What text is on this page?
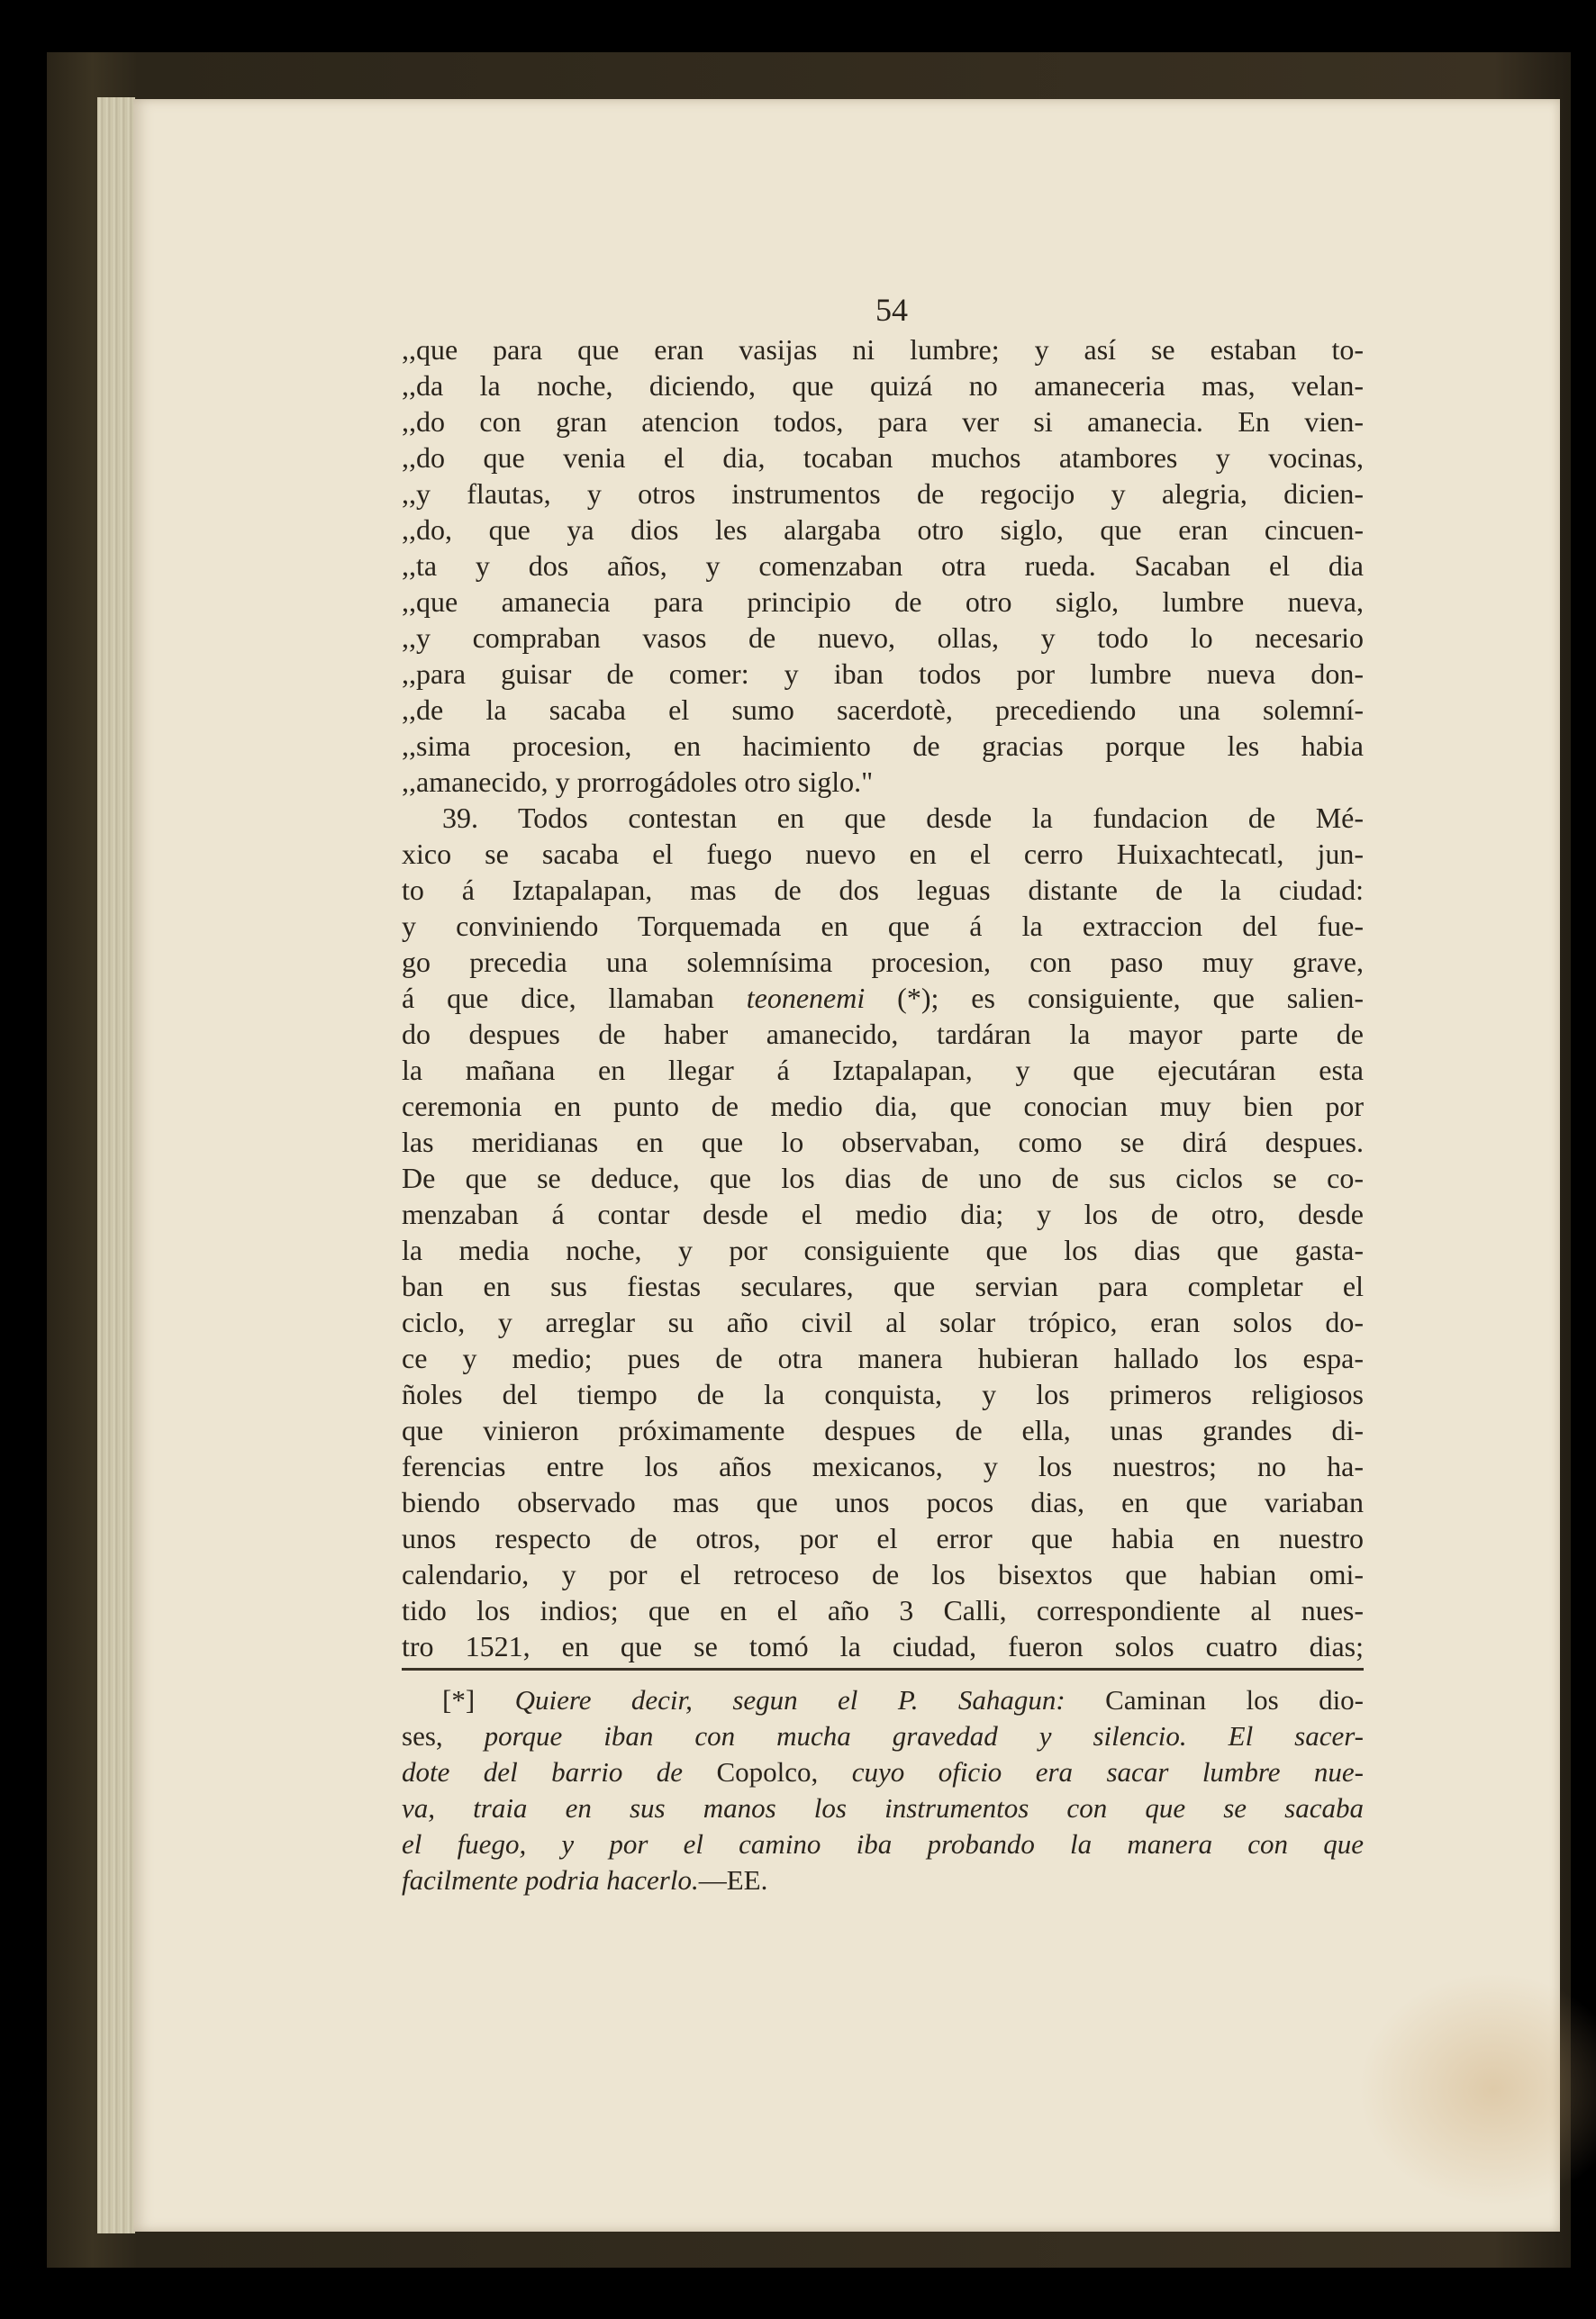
54
,,que para que eran vasijas ni lumbre; y así se estaban to-
,,da la noche, diciendo, que quizá no amaneceria mas, velan-
,,do con gran atencion todos, para ver si amanecia. En vien-
,,do que venia el dia, tocaban muchos atambores y vocinas,
,,y flautas, y otros instrumentos de regocijo y alegria, dicien-
,,do, que ya dios les alargaba otro siglo, que eran cincuen-
,,ta y dos años, y comenzaban otra rueda. Sacaban el dia
,,que amanecia para principio de otro siglo, lumbre nueva,
,,y compraban vasos de nuevo, ollas, y todo lo necesario
,,para guisar de comer: y iban todos por lumbre nueva don-
,,de la sacaba el sumo sacerdotè, precediendo una solemní-
,,sima procesion, en hacimiento de gracias porque les habia
,,amanecido, y prorrogádoles otro siglo."
39. Todos contestan en que desde la fundacion de Mé-
xico se sacaba el fuego nuevo en el cerro Huixachtecatl, jun-
to á Iztapalapan, mas de dos leguas distante de la ciudad:
y conviniendo Torquemada en que á la extraccion del fue-
go precedia una solemnísima procesion, con paso muy grave,
á que dice, llamaban teonenemi (*); es consiguiente, que salien-
do despues de haber amanecido, tardáran la mayor parte de
la mañana en llegar á Iztapalapan, y que ejecutáran esta
ceremonia en punto de medio dia, que conocian muy bien por
las meridianas en que lo observaban, como se dirá despues.
De que se deduce, que los dias de uno de sus ciclos se co-
menzaban á contar desde el medio dia; y los de otro, desde
la media noche, y por consiguiente que los dias que gasta-
ban en sus fiestas seculares, que servian para completar el
ciclo, y arreglar su año civil al solar trópico, eran solos do-
ce y medio; pues de otra manera hubieran hallado los espa-
ñoles del tiempo de la conquista, y los primeros religiosos
que vinieron próximamente despues de ella, unas grandes di-
ferencias entre los años mexicanos, y los nuestros; no ha-
biendo observado mas que unos pocos dias, en que variaban
unos respecto de otros, por el error que habia en nuestro
calendario, y por el retroceso de los bisextos que habian omi-
tido los indios; que en el año 3 Calli, correspondiente al nues-
tro 1521, en que se tomó la ciudad, fueron solos cuatro dias;
[*] Quiere decir, segun el P. Sahagun: Caminan los dio-
ses, porque iban con mucha gravedad y silencio. El sacer-
dote del barrio de Copolco, cuyo oficio era sacar lumbre nue-
va, traia en sus manos los instrumentos con que se sacaba
el fuego, y por el camino iba probando la manera con que
facilmente podria hacerlo.—EE.
